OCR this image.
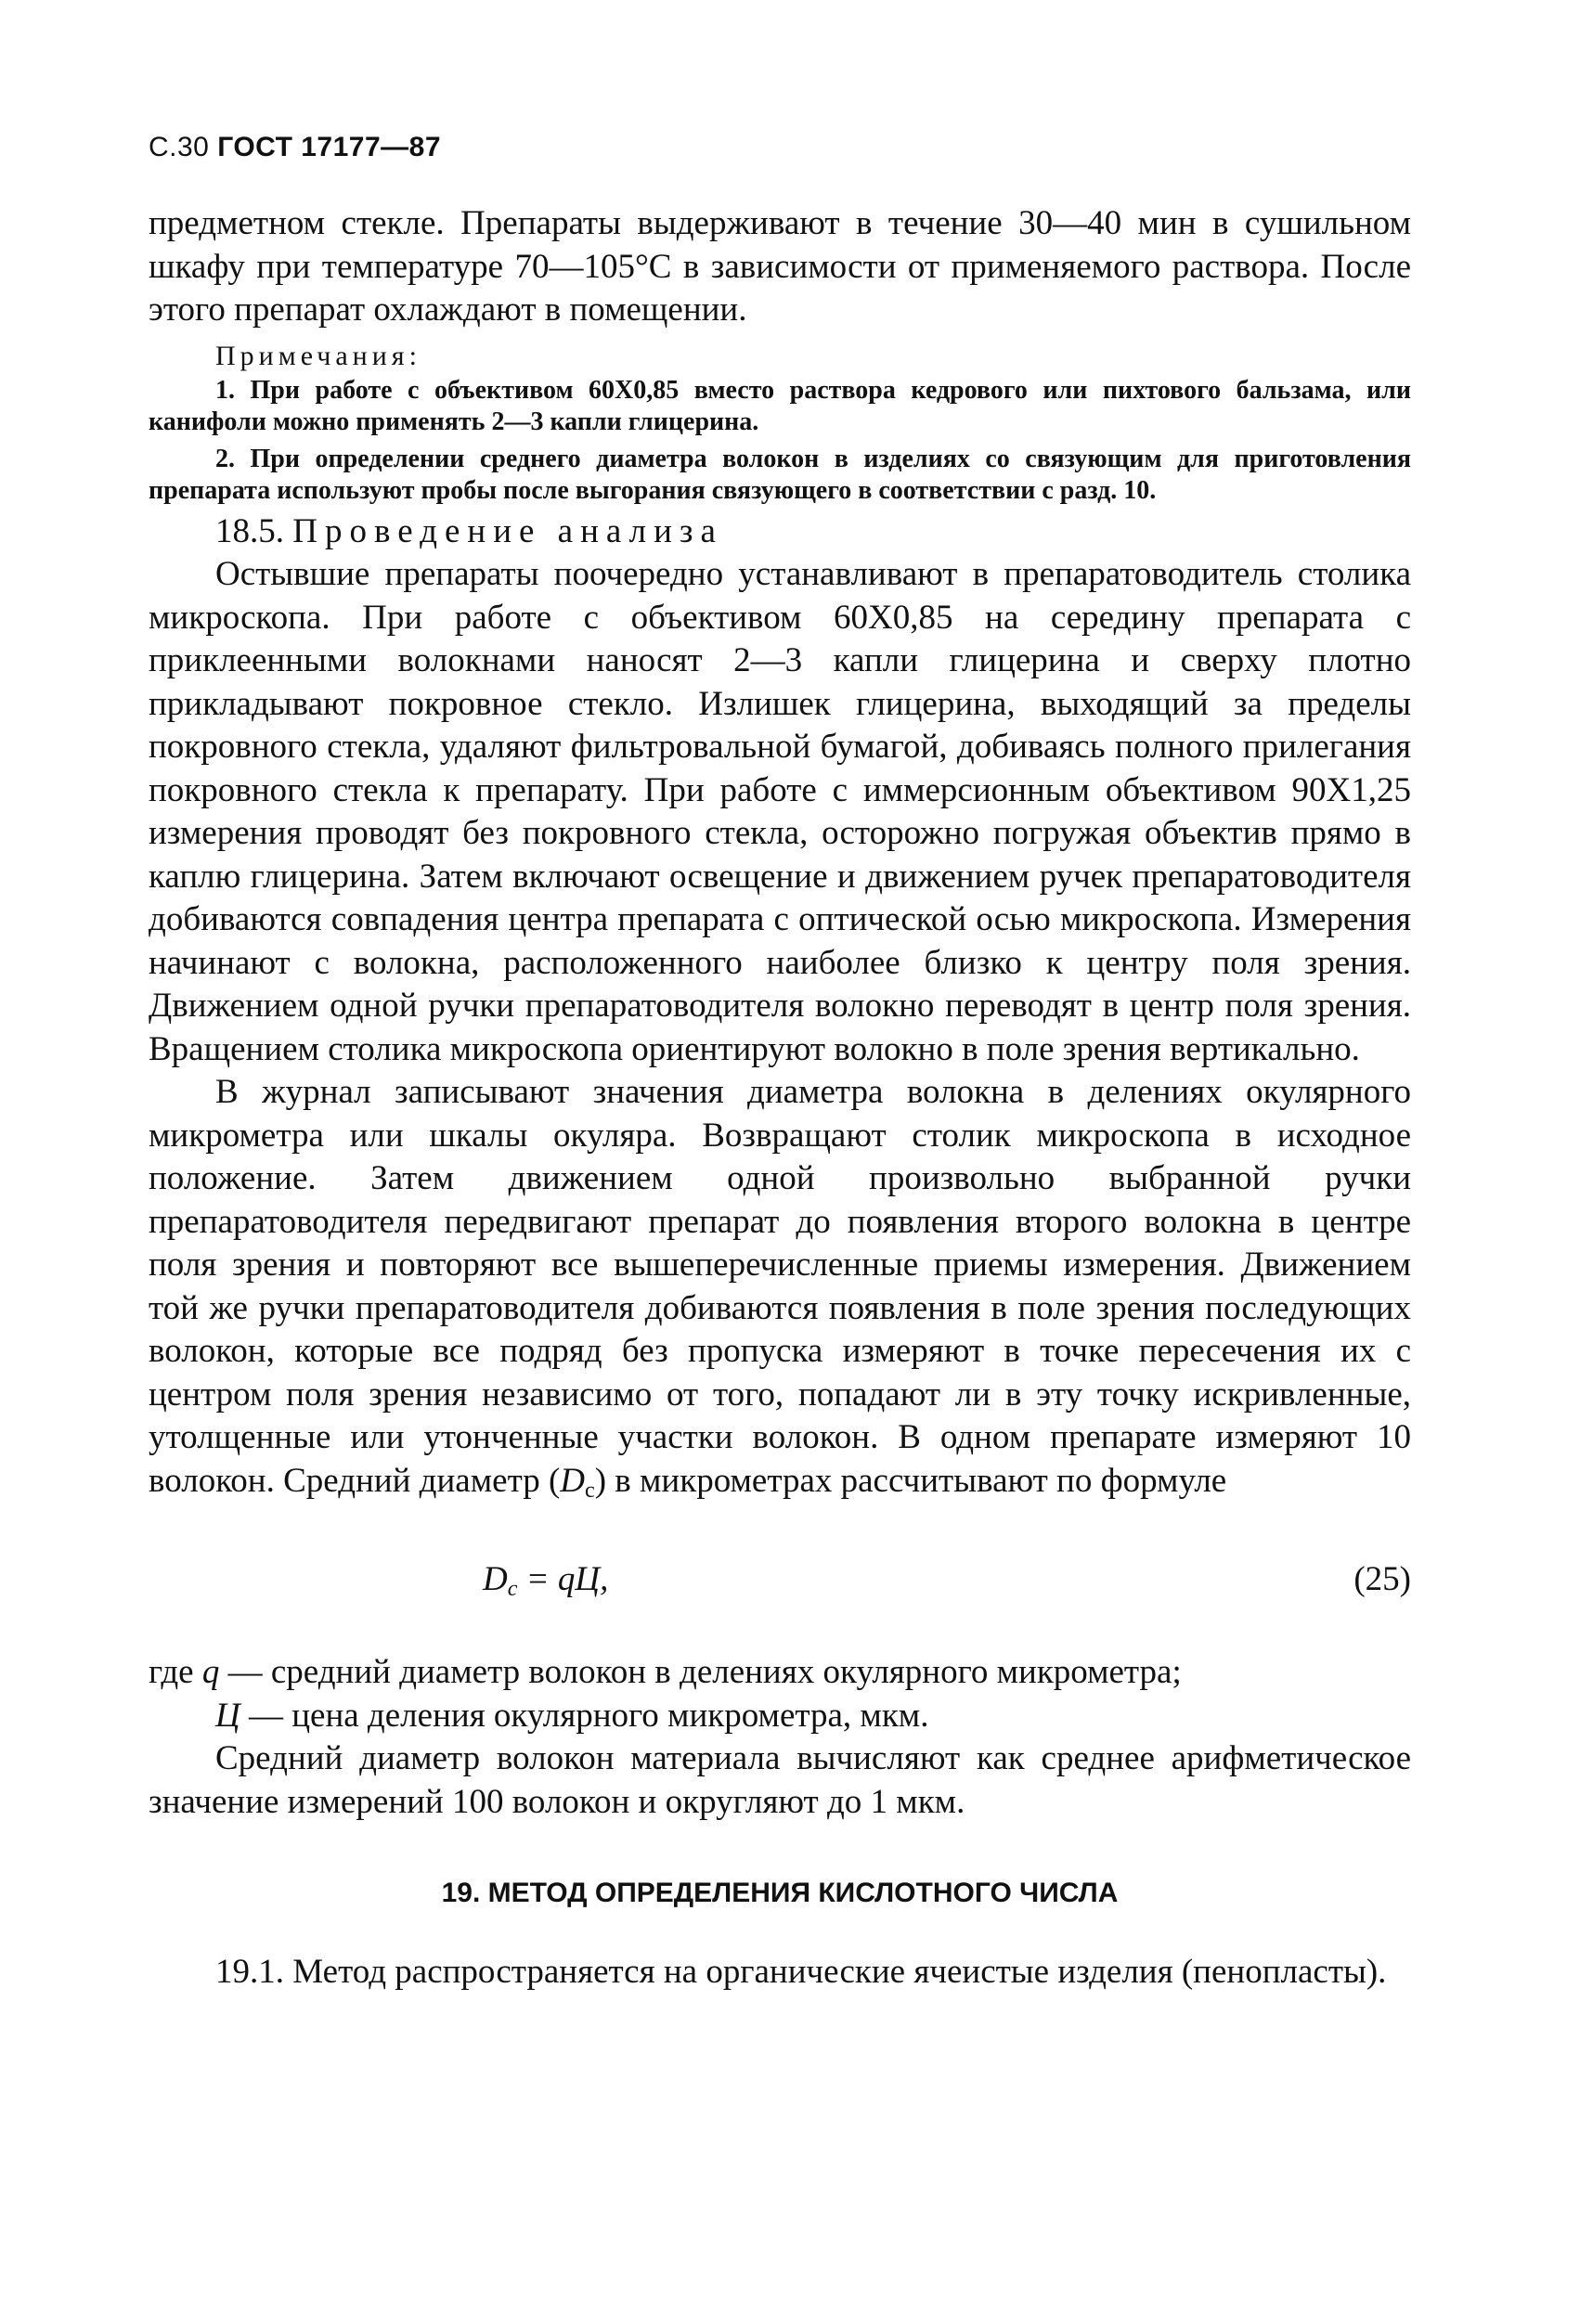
С.30 ГОСТ 17177—87

предметном стекле. Препараты выдерживают в течение 30—40 мин в сушильном шкафу при температуре 70—105°С в зависимости от применяемого раствора. После этого препарат охлаждают в помещении.

Примечания:

1. При работе с объективом 60Х0,85 вместо раствора кедрового или пихтового бальзама, или канифоли можно применять 2—3 капли глицерина.

2. При определении среднего диаметра волокон в изделиях со связующим для приготовления препарата используют пробы после выгорания связующего в соответствии с разд. 10.

18.5. Проведение анализа

Остывшие препараты поочередно устанавливают в препаратоводитель столика микроскопа. При работе с объективом 60Х0,85 на середину препарата с приклеенными волокнами наносят 2—3 капли глицерина и сверху плотно прикладывают покровное стекло. Излишек глицерина, выходящий за пределы покровного стекла, удаляют фильтровальной бумагой, добиваясь полного прилегания покровного стекла к препарату. При работе с иммерсионным объективом 90Х1,25 измерения проводят без покровного стекла, осторожно погружая объектив прямо в каплю глицерина. Затем включают освещение и движением ручек препаратоводителя добиваются совпадения центра препарата с оптической осью микроскопа. Измерения начинают с волокна, расположенного наиболее близко к центру поля зрения. Движением одной ручки препаратоводителя волокно переводят в центр поля зрения. Вращением столика микроскопа ориентируют волокно в поле зрения вертикально.

В журнал записывают значения диаметра волокна в делениях окулярного микрометра или шкалы окуляра. Возвращают столик микроскопа в исходное положение. Затем движением одной произвольно выбранной ручки препаратоводителя передвигают препарат до появления второго волокна в центре поля зрения и повторяют все вышеперечисленные приемы измерения. Движением той же ручки препаратоводителя добиваются появления в поле зрения последующих волокон, которые все подряд без пропуска измеряют в точке пересечения их с центром поля зрения независимо от того, попадают ли в эту точку искривленные, утолщенные или утонченные участки волокон. В одном препарате измеряют 10 волокон. Средний диаметр $(D_с)$ в микрометрах рассчитывают по формуле

$D_с$ = qЦ,	(25)

где q — средний диаметр волокон в делениях окулярного микрометра;

Ц — цена деления окулярного микрометра, мкм.

Средний диаметр волокон материала вычисляют как среднее арифметическое значение измерений 100 волокон и округляют до 1 мкм.

19. МЕТОД ОПРЕДЕЛЕНИЯ КИСЛОТНОГО ЧИСЛА

19.1. Метод распространяется на органические ячеистые изделия (пенопласты).
